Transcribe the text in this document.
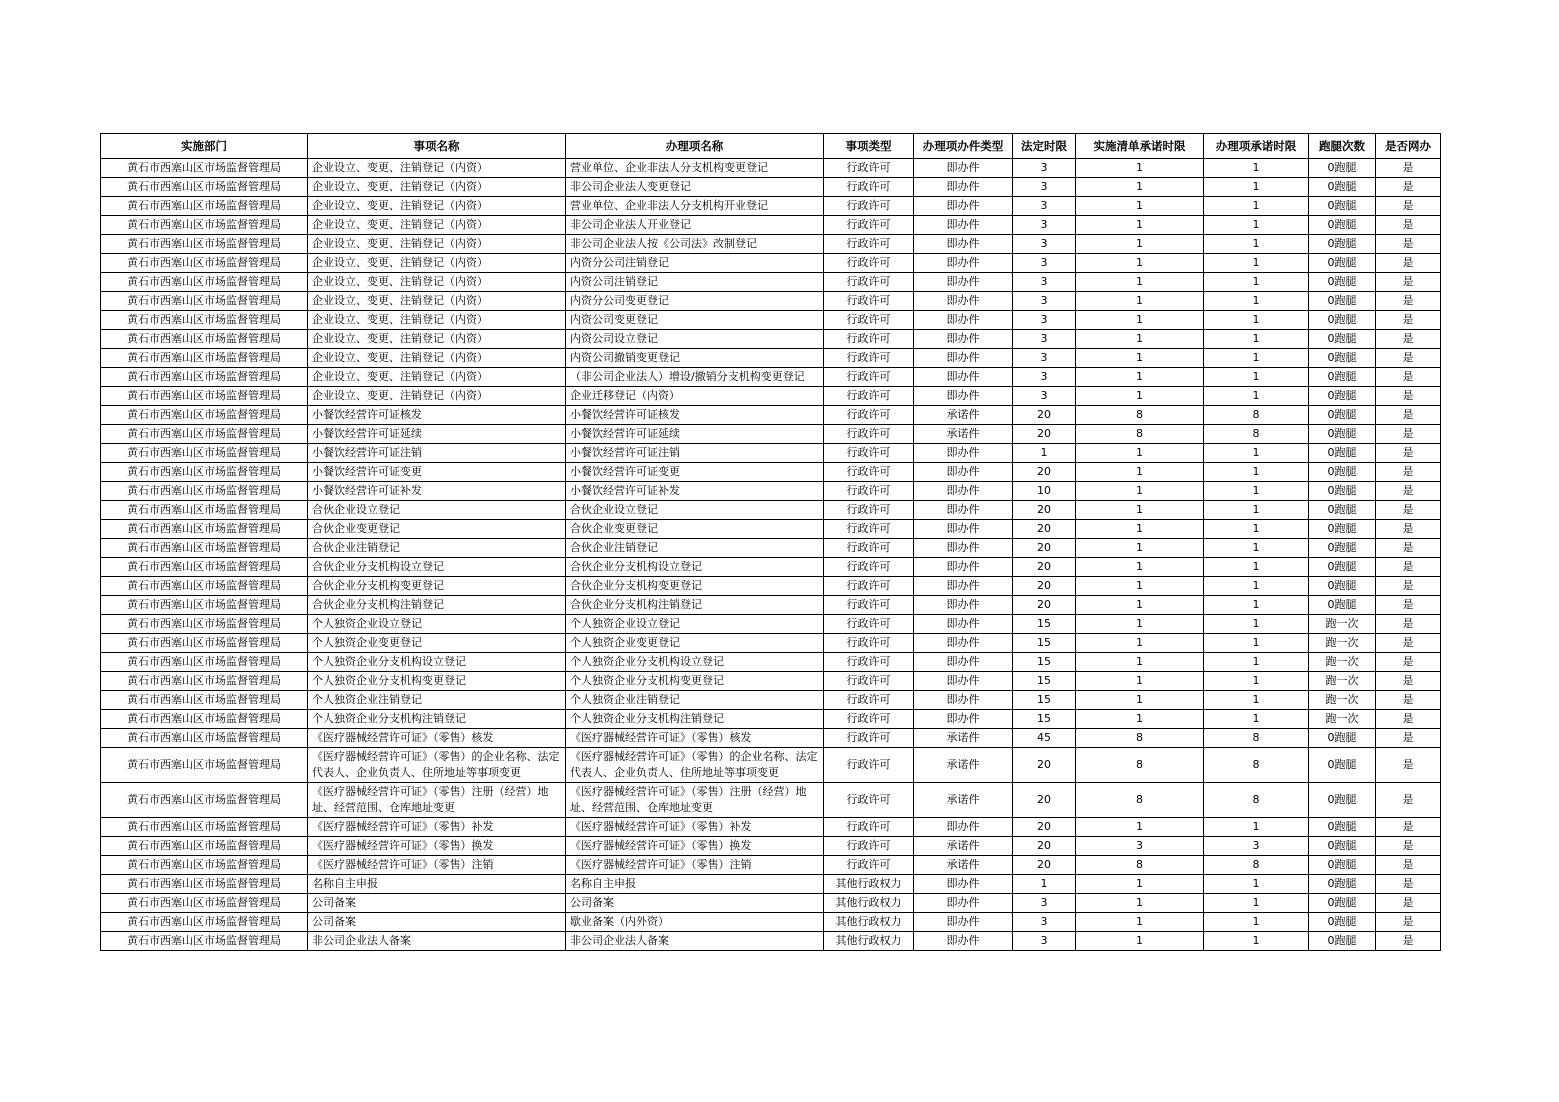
实施部门	事项名称	办理项名称	事项类型	办理项办件类型	法定时限	实施清单承诺时限	办理项承诺时限	跑腿次数	是否网办
黄石市西塞山区市场监督管理局	企业设立、变更、注销登记（内资）	营业单位、企业非法人分支机构变更登记	行政许可	即办件	3	1	1	0跑腿	是
黄石市西塞山区市场监督管理局	企业设立、变更、注销登记（内资）	非公司企业法人变更登记	行政许可	即办件	3	1	1	0跑腿	是
黄石市西塞山区市场监督管理局	企业设立、变更、注销登记（内资）	营业单位、企业非法人分支机构开业登记	行政许可	即办件	3	1	1	0跑腿	是
黄石市西塞山区市场监督管理局	企业设立、变更、注销登记（内资）	非公司企业法人开业登记	行政许可	即办件	3	1	1	0跑腿	是
黄石市西塞山区市场监督管理局	企业设立、变更、注销登记（内资）	非公司企业法人按《公司法》改制登记	行政许可	即办件	3	1	1	0跑腿	是
黄石市西塞山区市场监督管理局	企业设立、变更、注销登记（内资）	内资分公司注销登记	行政许可	即办件	3	1	1	0跑腿	是
黄石市西塞山区市场监督管理局	企业设立、变更、注销登记（内资）	内资公司注销登记	行政许可	即办件	3	1	1	0跑腿	是
黄石市西塞山区市场监督管理局	企业设立、变更、注销登记（内资）	内资分公司变更登记	行政许可	即办件	3	1	1	0跑腿	是
黄石市西塞山区市场监督管理局	企业设立、变更、注销登记（内资）	内资公司变更登记	行政许可	即办件	3	1	1	0跑腿	是
黄石市西塞山区市场监督管理局	企业设立、变更、注销登记（内资）	内资公司设立登记	行政许可	即办件	3	1	1	0跑腿	是
黄石市西塞山区市场监督管理局	企业设立、变更、注销登记（内资）	内资公司撤销变更登记	行政许可	即办件	3	1	1	0跑腿	是
黄石市西塞山区市场监督管理局	企业设立、变更、注销登记（内资）	（非公司企业法人）增设/撤销分支机构变更登记	行政许可	即办件	3	1	1	0跑腿	是
黄石市西塞山区市场监督管理局	企业设立、变更、注销登记（内资）	企业迁移登记（内资）	行政许可	即办件	3	1	1	0跑腿	是
黄石市西塞山区市场监督管理局	小餐饮经营许可证核发	小餐饮经营许可证核发	行政许可	承诺件	20	8	8	0跑腿	是
黄石市西塞山区市场监督管理局	小餐饮经营许可证延续	小餐饮经营许可证延续	行政许可	承诺件	20	8	8	0跑腿	是
黄石市西塞山区市场监督管理局	小餐饮经营许可证注销	小餐饮经营许可证注销	行政许可	即办件	1	1	1	0跑腿	是
黄石市西塞山区市场监督管理局	小餐饮经营许可证变更	小餐饮经营许可证变更	行政许可	即办件	20	1	1	0跑腿	是
黄石市西塞山区市场监督管理局	小餐饮经营许可证补发	小餐饮经营许可证补发	行政许可	即办件	10	1	1	0跑腿	是
黄石市西塞山区市场监督管理局	合伙企业设立登记	合伙企业设立登记	行政许可	即办件	20	1	1	0跑腿	是
黄石市西塞山区市场监督管理局	合伙企业变更登记	合伙企业变更登记	行政许可	即办件	20	1	1	0跑腿	是
黄石市西塞山区市场监督管理局	合伙企业注销登记	合伙企业注销登记	行政许可	即办件	20	1	1	0跑腿	是
黄石市西塞山区市场监督管理局	合伙企业分支机构设立登记	合伙企业分支机构设立登记	行政许可	即办件	20	1	1	0跑腿	是
黄石市西塞山区市场监督管理局	合伙企业分支机构变更登记	合伙企业分支机构变更登记	行政许可	即办件	20	1	1	0跑腿	是
黄石市西塞山区市场监督管理局	合伙企业分支机构注销登记	合伙企业分支机构注销登记	行政许可	即办件	20	1	1	0跑腿	是
黄石市西塞山区市场监督管理局	个人独资企业设立登记	个人独资企业设立登记	行政许可	即办件	15	1	1	跑一次	是
黄石市西塞山区市场监督管理局	个人独资企业变更登记	个人独资企业变更登记	行政许可	即办件	15	1	1	跑一次	是
黄石市西塞山区市场监督管理局	个人独资企业分支机构设立登记	个人独资企业分支机构设立登记	行政许可	即办件	15	1	1	跑一次	是
黄石市西塞山区市场监督管理局	个人独资企业分支机构变更登记	个人独资企业分支机构变更登记	行政许可	即办件	15	1	1	跑一次	是
黄石市西塞山区市场监督管理局	个人独资企业注销登记	个人独资企业注销登记	行政许可	即办件	15	1	1	跑一次	是
黄石市西塞山区市场监督管理局	个人独资企业分支机构注销登记	个人独资企业分支机构注销登记	行政许可	即办件	15	1	1	跑一次	是
黄石市西塞山区市场监督管理局	《医疗器械经营许可证》（零售）核发	《医疗器械经营许可证》（零售）核发	行政许可	承诺件	45	8	8	0跑腿	是
黄石市西塞山区市场监督管理局	《医疗器械经营许可证》（零售）的企业名称、法定代表人、企业负责人、住所地址等事项变更	《医疗器械经营许可证》（零售）的企业名称、法定代表人、企业负责人、住所地址等事项变更	行政许可	承诺件	20	8	8	0跑腿	是
黄石市西塞山区市场监督管理局	《医疗器械经营许可证》（零售）注册（经营）地址、经营范围、仓库地址变更	《医疗器械经营许可证》（零售）注册（经营）地址、经营范围、仓库地址变更	行政许可	承诺件	20	8	8	0跑腿	是
黄石市西塞山区市场监督管理局	《医疗器械经营许可证》（零售）补发	《医疗器械经营许可证》（零售）补发	行政许可	即办件	20	1	1	0跑腿	是
黄石市西塞山区市场监督管理局	《医疗器械经营许可证》（零售）换发	《医疗器械经营许可证》（零售）换发	行政许可	承诺件	20	3	3	0跑腿	是
黄石市西塞山区市场监督管理局	《医疗器械经营许可证》（零售）注销	《医疗器械经营许可证》（零售）注销	行政许可	承诺件	20	8	8	0跑腿	是
黄石市西塞山区市场监督管理局	名称自主申报	名称自主申报	其他行政权力	即办件	1	1	1	0跑腿	是
黄石市西塞山区市场监督管理局	公司备案	公司备案	其他行政权力	即办件	3	1	1	0跑腿	是
黄石市西塞山区市场监督管理局	公司备案	歇业备案（内外资）	其他行政权力	即办件	3	1	1	0跑腿	是
黄石市西塞山区市场监督管理局	非公司企业法人备案	非公司企业法人备案	其他行政权力	即办件	3	1	1	0跑腿	是
